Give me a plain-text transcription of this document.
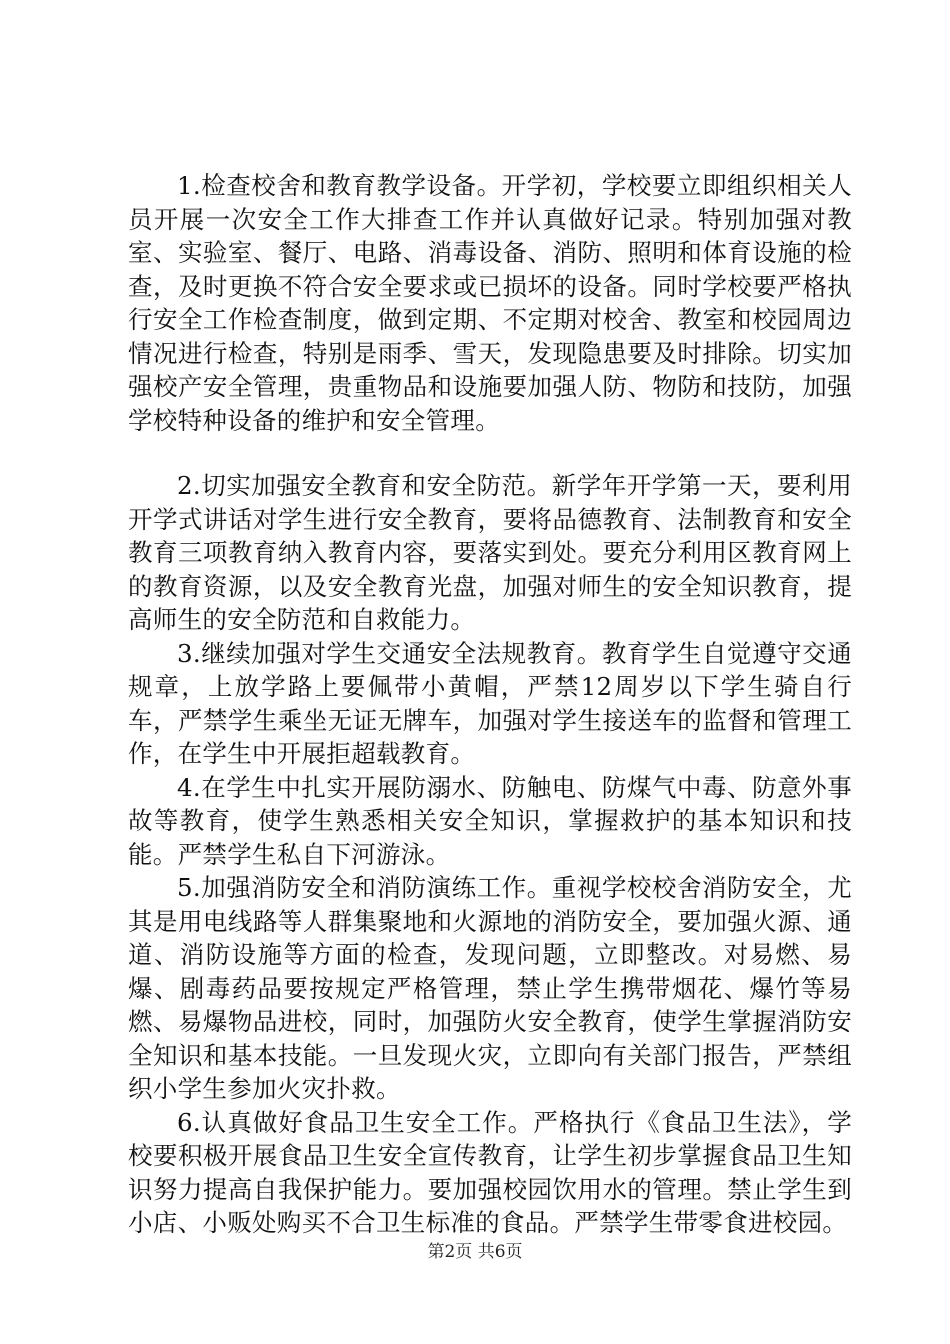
1.检查校舍和教育教学设备。开学初，学校要立即组织相关人员开展一次安全工作大排查工作并认真做好记录。特别加强对教室、实验室、餐厅、电路、消毒设备、消防、照明和体育设施的检查，及时更换不符合安全要求或已损坏的设备。同时学校要严格执行安全工作检查制度，做到定期、不定期对校舍、教室和校园周边情况进行检查，特别是雨季、雪天，发现隐患要及时排除。切实加强校产安全管理，贵重物品和设施要加强人防、物防和技防，加强学校特种设备的维护和安全管理。

2.切实加强安全教育和安全防范。新学年开学第一天，要利用开学式讲话对学生进行安全教育，要将品德教育、法制教育和安全教育三项教育纳入教育内容，要落实到处。要充分利用区教育网上的教育资源，以及安全教育光盘，加强对师生的安全知识教育，提高师生的安全防范和自救能力。

3.继续加强对学生交通安全法规教育。教育学生自觉遵守交通规章，上放学路上要佩带小黄帽，严禁12周岁以下学生骑自行车，严禁学生乘坐无证无牌车，加强对学生接送车的监督和管理工作，在学生中开展拒超载教育。

4.在学生中扎实开展防溺水、防触电、防煤气中毒、防意外事故等教育，使学生熟悉相关安全知识，掌握救护的基本知识和技能。严禁学生私自下河游泳。

5.加强消防安全和消防演练工作。重视学校校舍消防安全，尤其是用电线路等人群集聚地和火源地的消防安全，要加强火源、通道、消防设施等方面的检查，发现问题，立即整改。对易燃、易爆、剧毒药品要按规定严格管理，禁止学生携带烟花、爆竹等易燃、易爆物品进校，同时，加强防火安全教育，使学生掌握消防安全知识和基本技能。一旦发现火灾，立即向有关部门报告，严禁组织小学生参加火灾扑救。

6.认真做好食品卫生安全工作。严格执行《食品卫生法》，学校要积极开展食品卫生安全宣传教育，让学生初步掌握食品卫生知识努力提高自我保护能力。要加强校园饮用水的管理。禁止学生到小店、小贩处购买不合卫生标准的食品。严禁学生带零食进校园。

第2页 共6页
